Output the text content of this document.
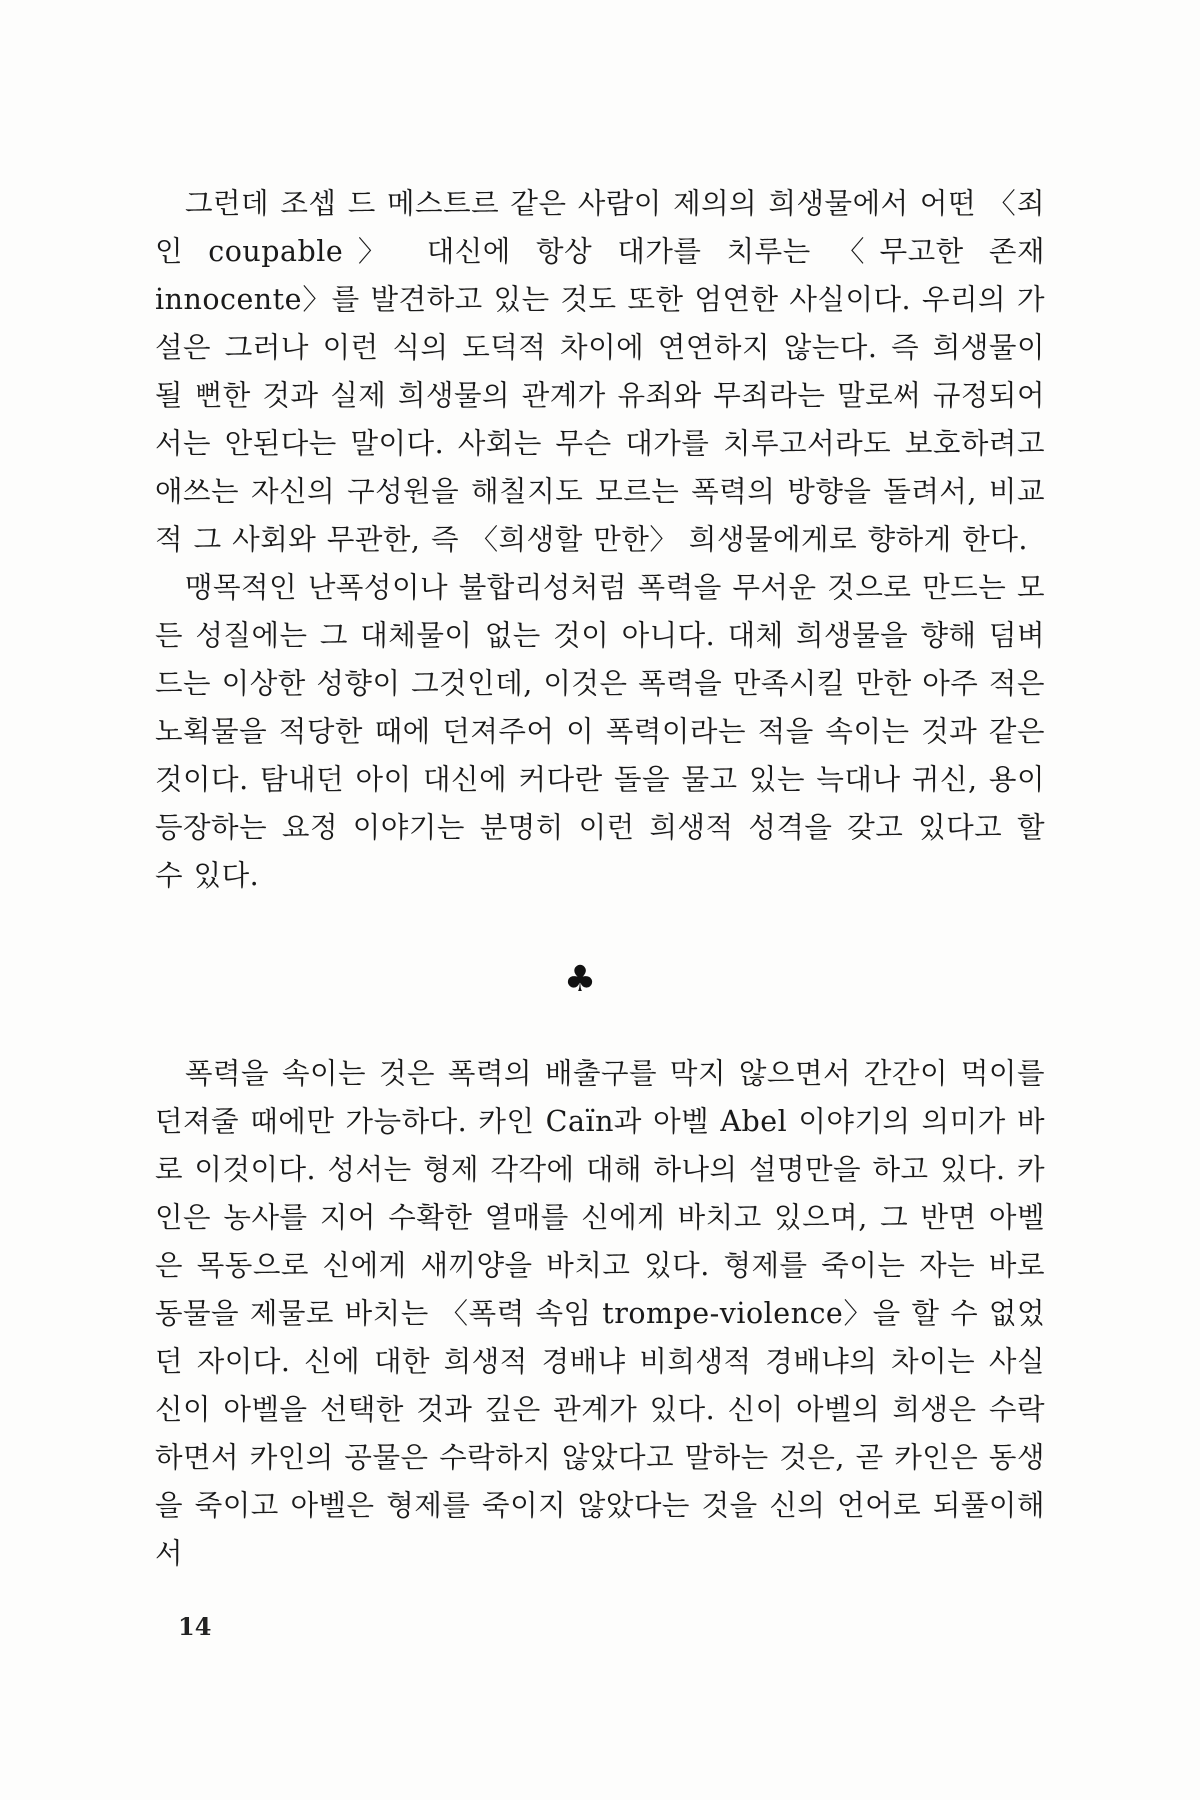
그런데 조셉 드 메스트르 같은 사람이 제의의 희생물에서 어떤 〈죄인 coupable〉 대신에 항상 대가를 치루는 〈무고한 존재 innocente〉를 발견하고 있는 것도 또한 엄연한 사실이다. 우리의 가설은 그러나 이런 식의 도덕적 차이에 연연하지 않는다. 즉 희생물이 될 뻔한 것과 실제 희생물의 관계가 유죄와 무죄라는 말로써 규정되어서는 안된다는 말이다. 사회는 무슨 대가를 치루고서라도 보호하려고 애쓰는 자신의 구성원을 해칠지도 모르는 폭력의 방향을 돌려서, 비교적 그 사회와 무관한, 즉 〈희생할 만한〉 희생물에게로 향하게 한다.

맹목적인 난폭성이나 불합리성처럼 폭력을 무서운 것으로 만드는 모든 성질에는 그 대체물이 없는 것이 아니다. 대체 희생물을 향해 덤벼드는 이상한 성향이 그것인데, 이것은 폭력을 만족시킬 만한 아주 적은 노획물을 적당한 때에 던져주어 이 폭력이라는 적을 속이는 것과 같은 것이다. 탐내던 아이 대신에 커다란 돌을 물고 있는 늑대나 귀신, 용이 등장하는 요정 이야기는 분명히 이런 희생적 성격을 갖고 있다고 할 수 있다.

♣

폭력을 속이는 것은 폭력의 배출구를 막지 않으면서 간간이 먹이를 던져줄 때에만 가능하다. 카인 Caïn과 아벨 Abel 이야기의 의미가 바로 이것이다. 성서는 형제 각각에 대해 하나의 설명만을 하고 있다. 카인은 농사를 지어 수확한 열매를 신에게 바치고 있으며, 그 반면 아벨은 목동으로 신에게 새끼양을 바치고 있다. 형제를 죽이는 자는 바로 동물을 제물로 바치는 〈폭력 속임 trompe-violence〉을 할 수 없었던 자이다. 신에 대한 희생적 경배냐 비희생적 경배냐의 차이는 사실 신이 아벨을 선택한 것과 깊은 관계가 있다. 신이 아벨의 희생은 수락하면서 카인의 공물은 수락하지 않았다고 말하는 것은, 곧 카인은 동생을 죽이고 아벨은 형제를 죽이지 않았다는 것을 신의 언어로 되풀이해서

14
